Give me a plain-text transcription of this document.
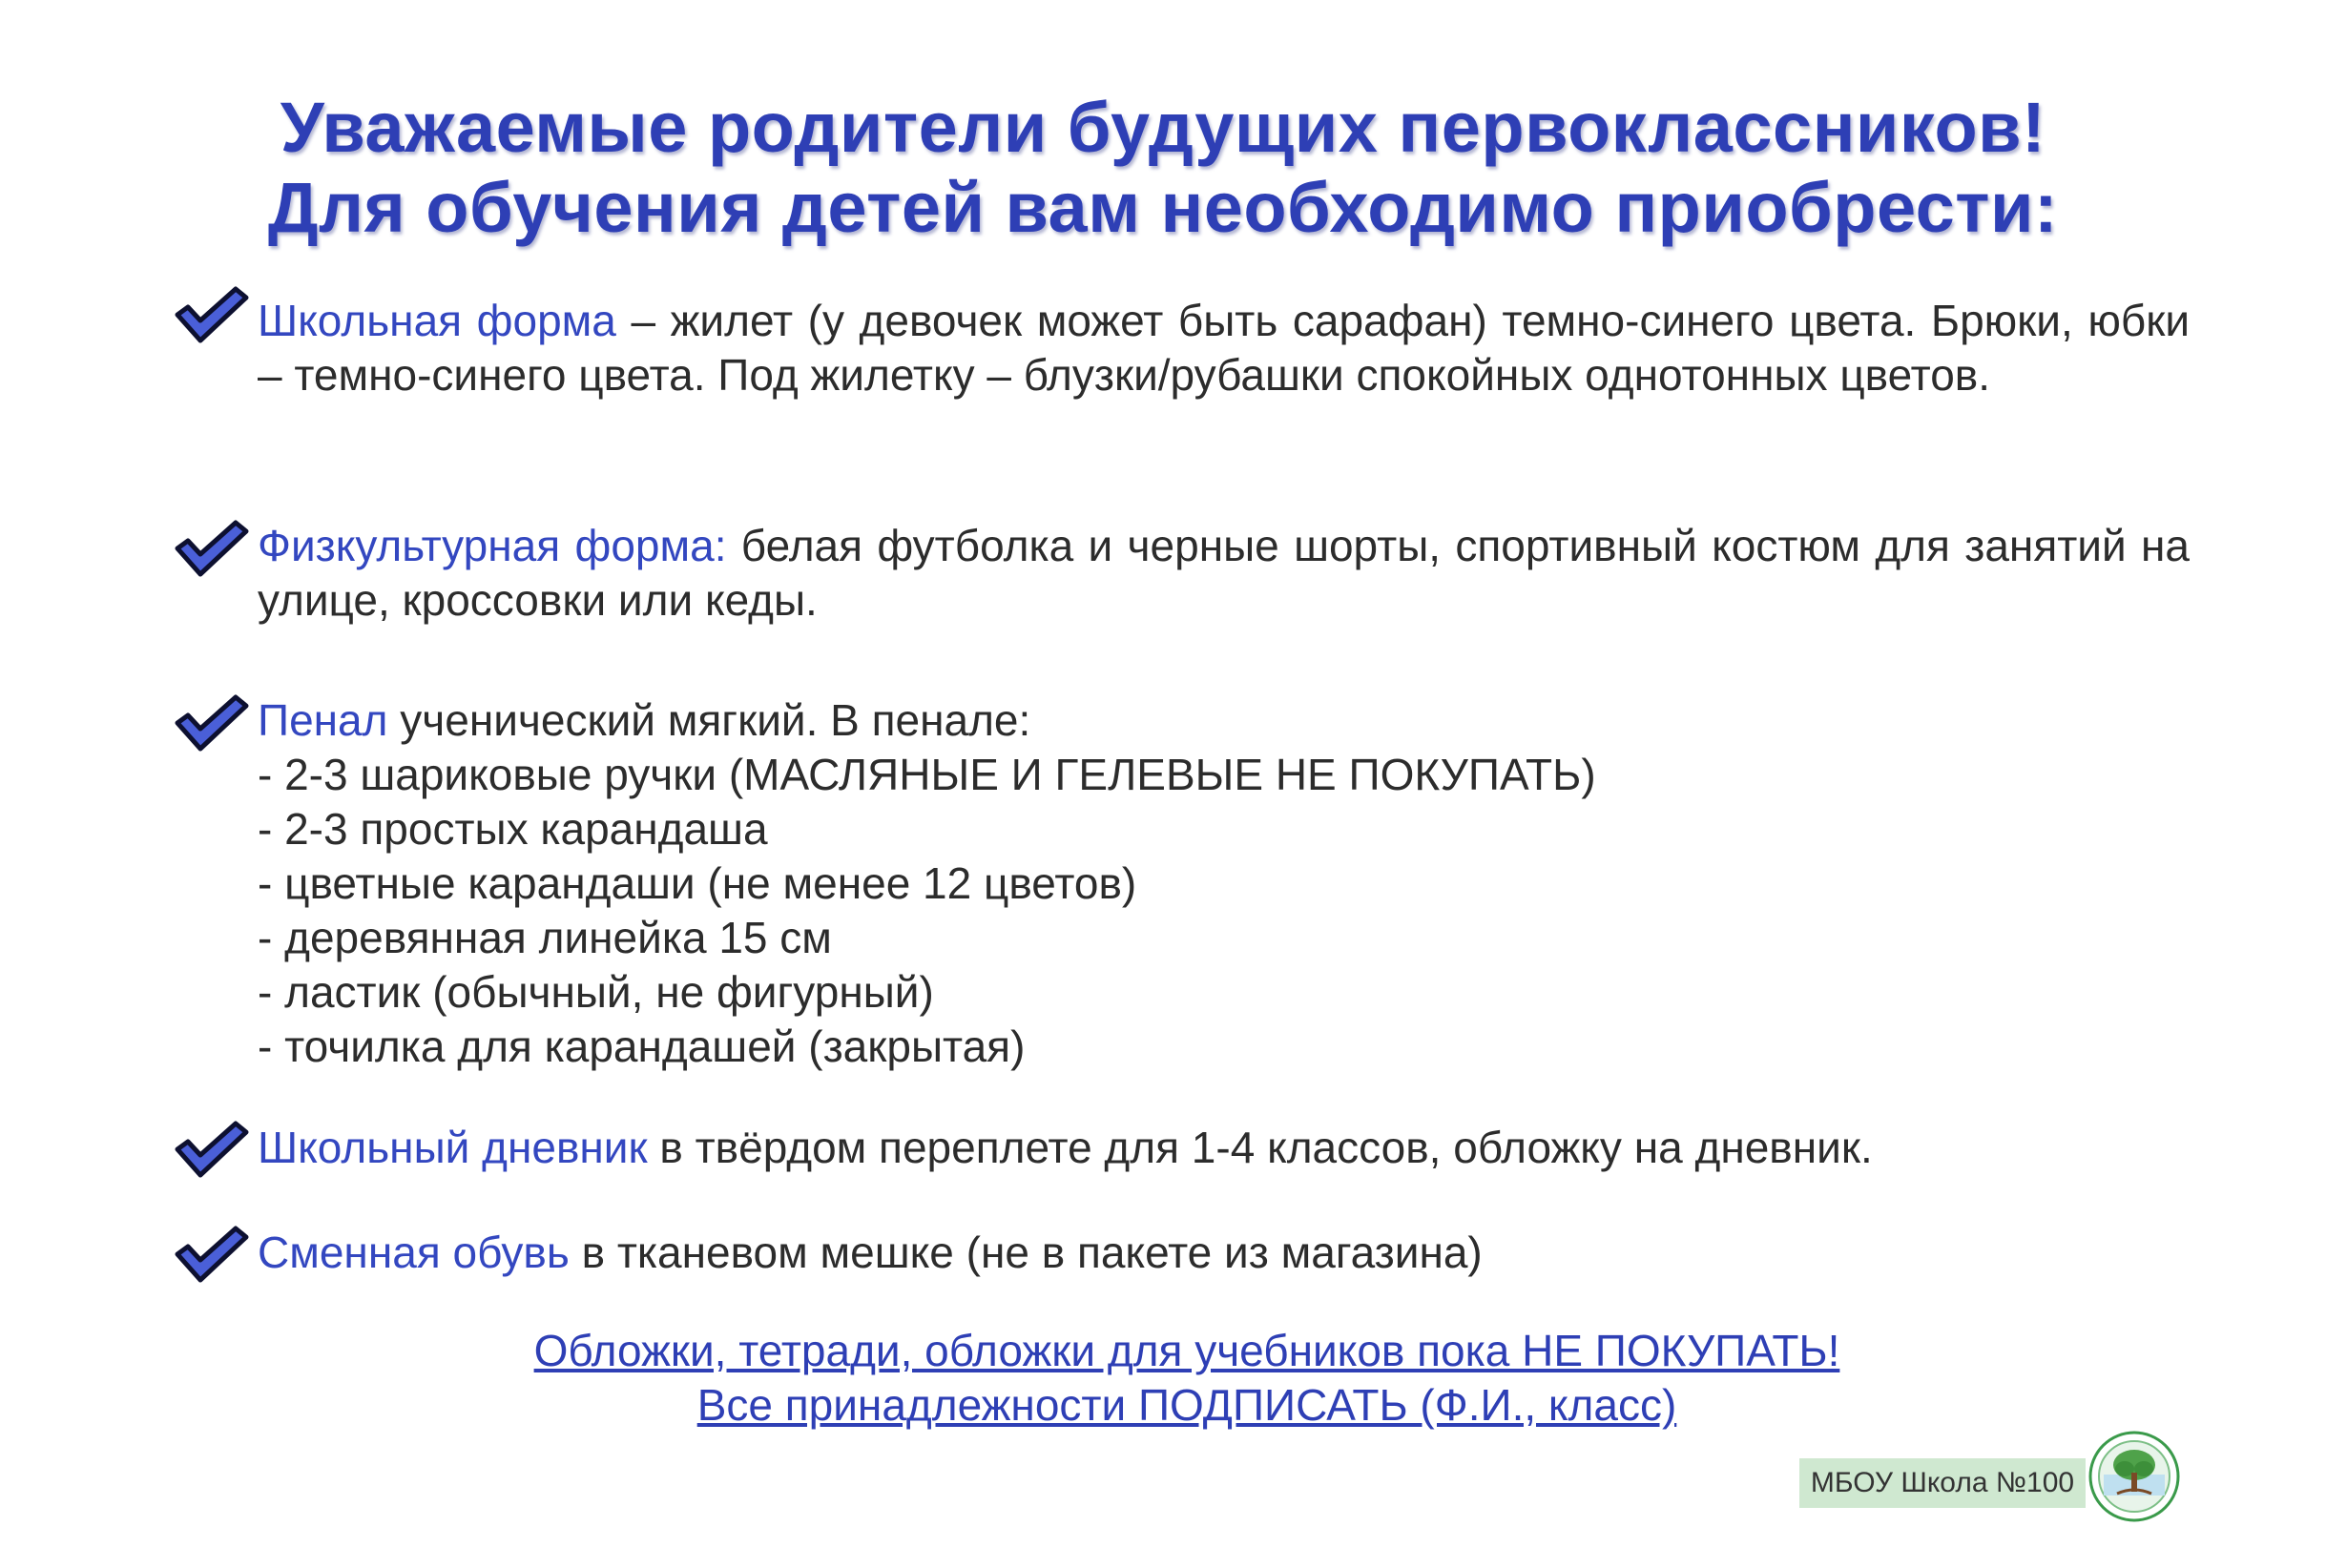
Уважаемые родители будущих первоклассников!
Для обучения детей вам необходимо приобрести:

Школьная форма – жилет (у девочек может быть сарафан) темно-синего цвета. Брюки, юбки – темно-синего цвета. Под жилетку – блузки/рубашки спокойных однотонных цветов.

Физкультурная форма: белая футболка и черные шорты, спортивный костюм для занятий на улице, кроссовки или кеды.

Пенал ученический мягкий. В пенале:

- 2-3 шариковые ручки (МАСЛЯНЫЕ И ГЕЛЕВЫЕ НЕ ПОКУПАТЬ)
- 2-3 простых карандаша
- цветные карандаши (не менее 12 цветов)
- деревянная линейка 15 см
- ластик (обычный, не фигурный)
- точилка для карандашей (закрытая)

Школьный дневник в твёрдом переплете для 1-4 классов, обложку на дневник.

Сменная обувь в тканевом мешке (не в пакете из магазина)

Обложки, тетради, обложки для учебников пока НЕ ПОКУПАТЬ!
Все принадлежности ПОДПИСАТЬ (Ф.И., класс)
МБОУ Школа №100
